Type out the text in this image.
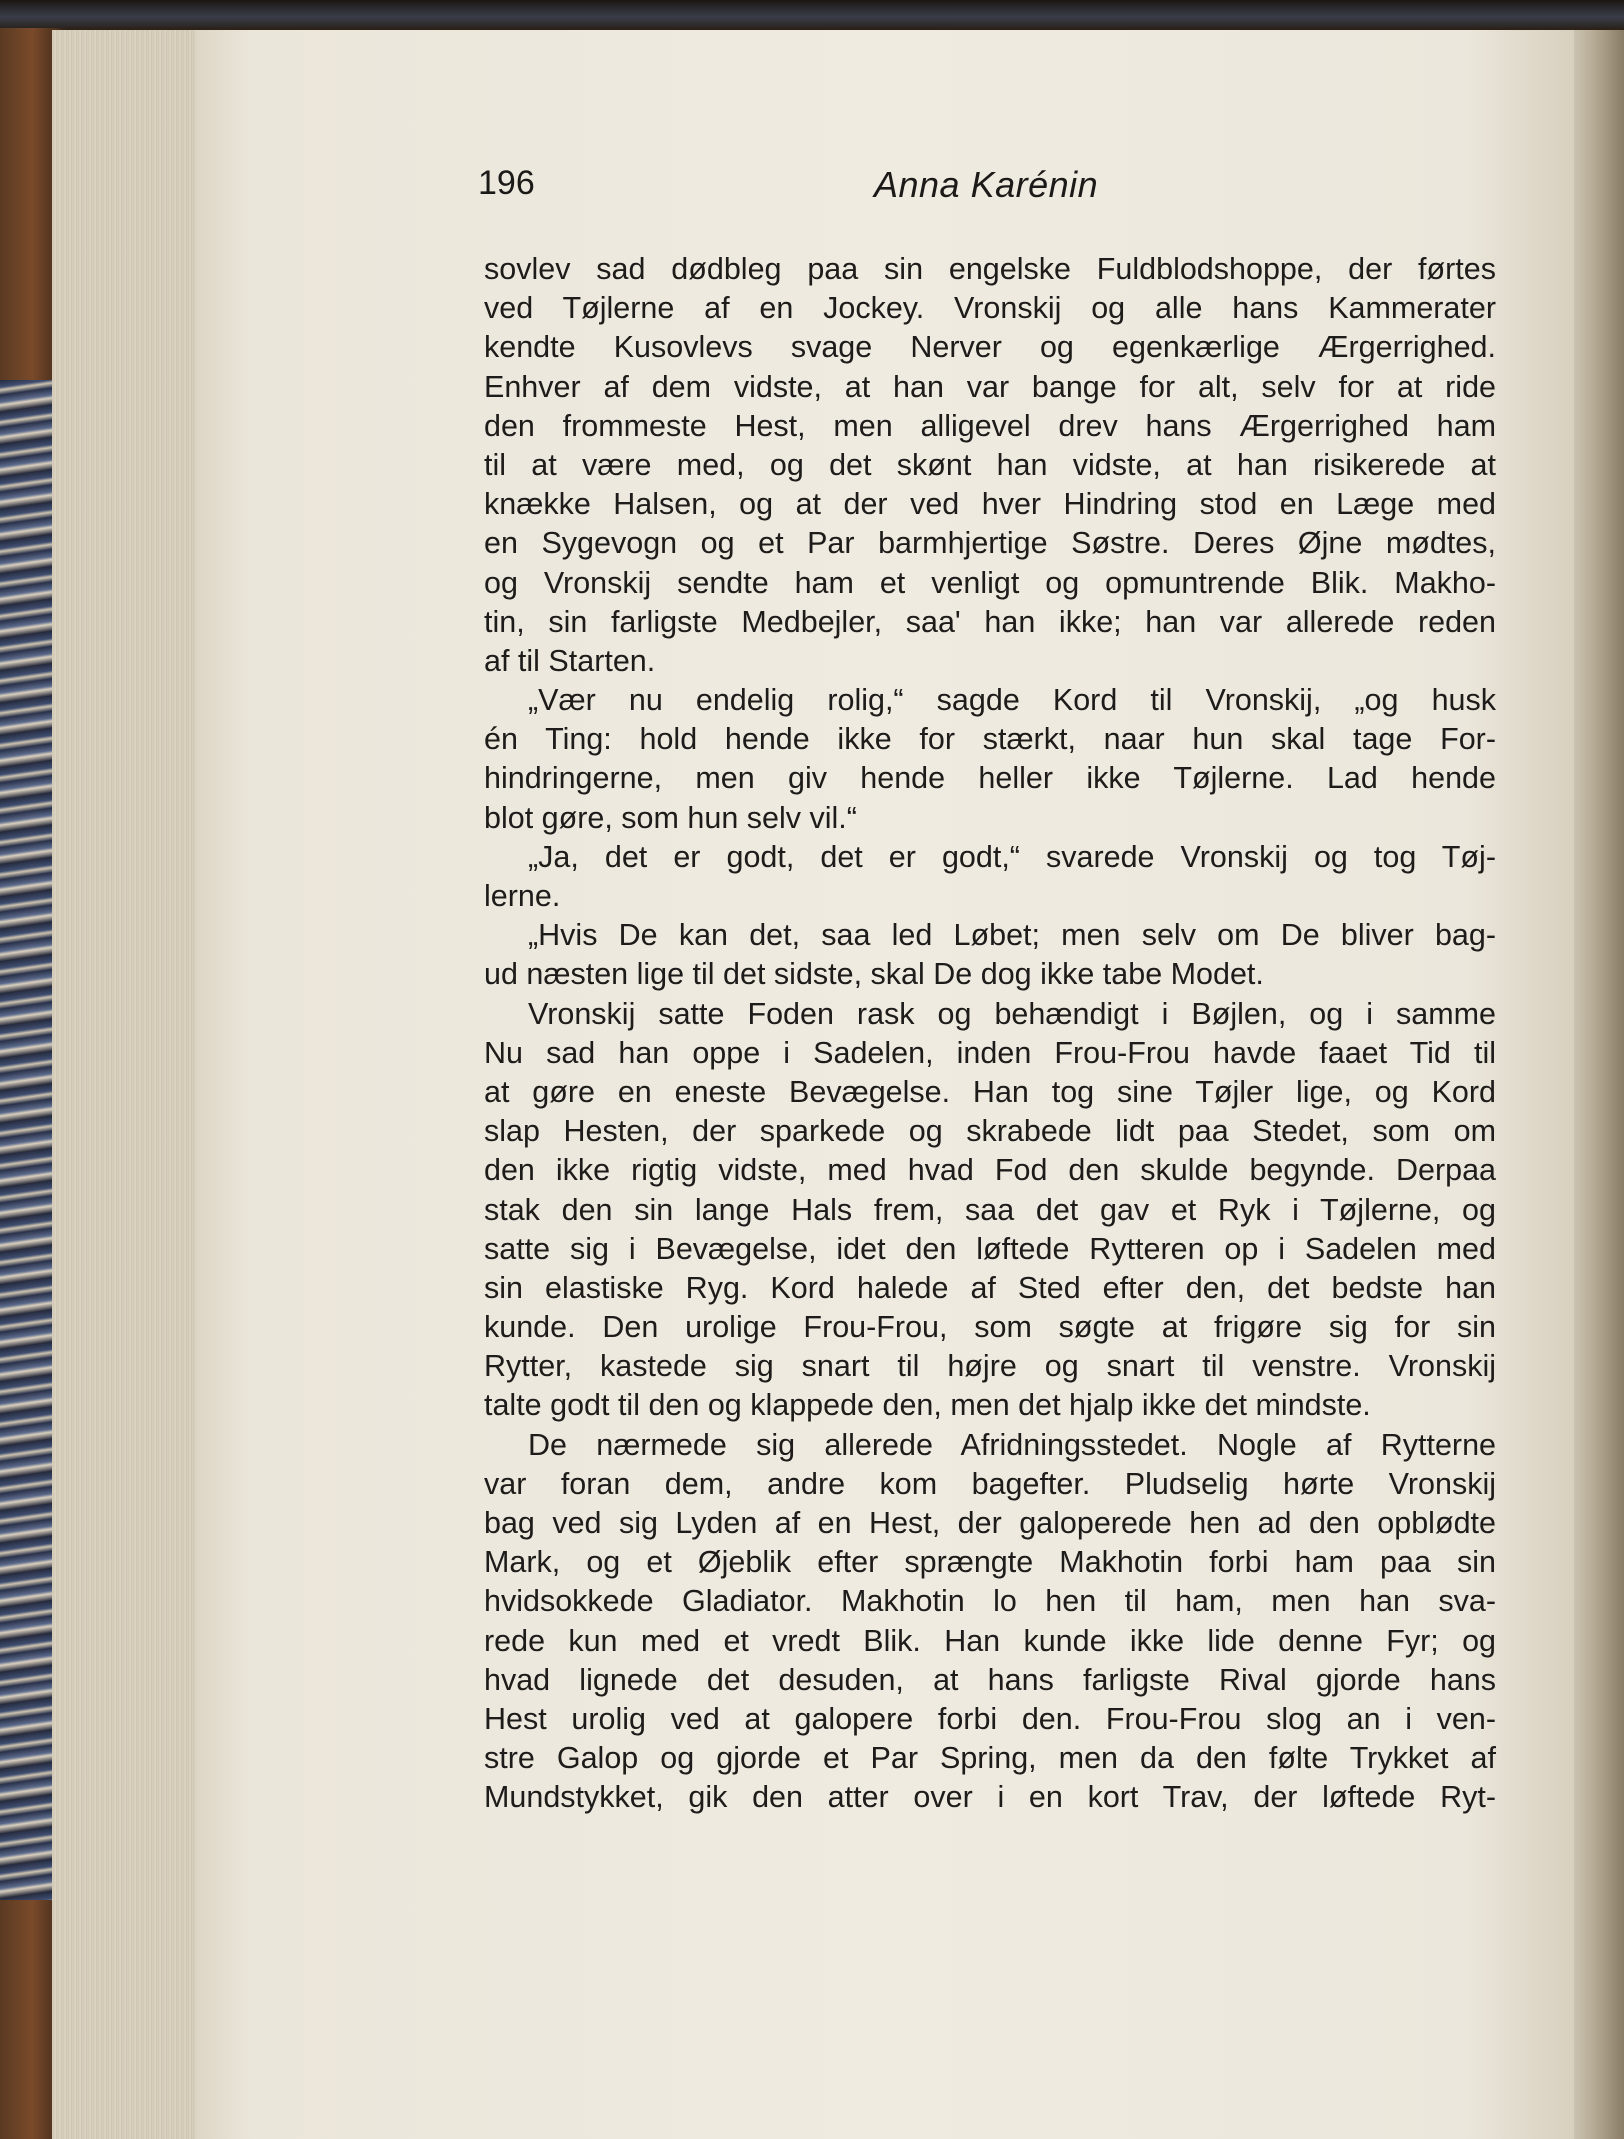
196	Anna Karénin
sovlev sad dødbleg paa sin engelske Fuldblodshoppe, der førtes
ved Tøjlerne af en Jockey. Vronskij og alle hans Kammerater
kendte Kusovlevs svage Nerver og egenkærlige Ærgerrighed.
Enhver af dem vidste, at han var bange for alt, selv for at ride
den frommeste Hest, men alligevel drev hans Ærgerrighed ham
til at være med, og det skønt han vidste, at han risikerede at
knække Halsen, og at der ved hver Hindring stod en Læge med
en Sygevogn og et Par barmhjertige Søstre. Deres Øjne mødtes,
og Vronskij sendte ham et venligt og opmuntrende Blik. Makho-
tin, sin farligste Medbejler, saa' han ikke; han var allerede reden
af til Starten.
„Vær nu endelig rolig,“ sagde Kord til Vronskij, „og husk
én Ting: hold hende ikke for stærkt, naar hun skal tage For-
hindringerne, men giv hende heller ikke Tøjlerne. Lad hende
blot gøre, som hun selv vil.“
„Ja, det er godt, det er godt,“ svarede Vronskij og tog Tøj-
lerne.
„Hvis De kan det, saa led Løbet; men selv om De bliver bag-
ud næsten lige til det sidste, skal De dog ikke tabe Modet.
Vronskij satte Foden rask og behændigt i Bøjlen, og i samme
Nu sad han oppe i Sadelen, inden Frou-Frou havde faaet Tid til
at gøre en eneste Bevægelse. Han tog sine Tøjler lige, og Kord
slap Hesten, der sparkede og skrabede lidt paa Stedet, som om
den ikke rigtig vidste, med hvad Fod den skulde begynde. Derpaa
stak den sin lange Hals frem, saa det gav et Ryk i Tøjlerne, og
satte sig i Bevægelse, idet den løftede Rytteren op i Sadelen med
sin elastiske Ryg. Kord halede af Sted efter den, det bedste han
kunde. Den urolige Frou-Frou, som søgte at frigøre sig for sin
Rytter, kastede sig snart til højre og snart til venstre. Vronskij
talte godt til den og klappede den, men det hjalp ikke det mindste.
De nærmede sig allerede Afridningsstedet. Nogle af Rytterne
var foran dem, andre kom bagefter. Pludselig hørte Vronskij
bag ved sig Lyden af en Hest, der galoperede hen ad den opblødte
Mark, og et Øjeblik efter sprængte Makhotin forbi ham paa sin
hvidsokkede Gladiator. Makhotin lo hen til ham, men han sva-
rede kun med et vredt Blik. Han kunde ikke lide denne Fyr; og
hvad lignede det desuden, at hans farligste Rival gjorde hans
Hest urolig ved at galopere forbi den. Frou-Frou slog an i ven-
stre Galop og gjorde et Par Spring, men da den følte Trykket af
Mundstykket, gik den atter over i en kort Trav, der løftede Ryt-
